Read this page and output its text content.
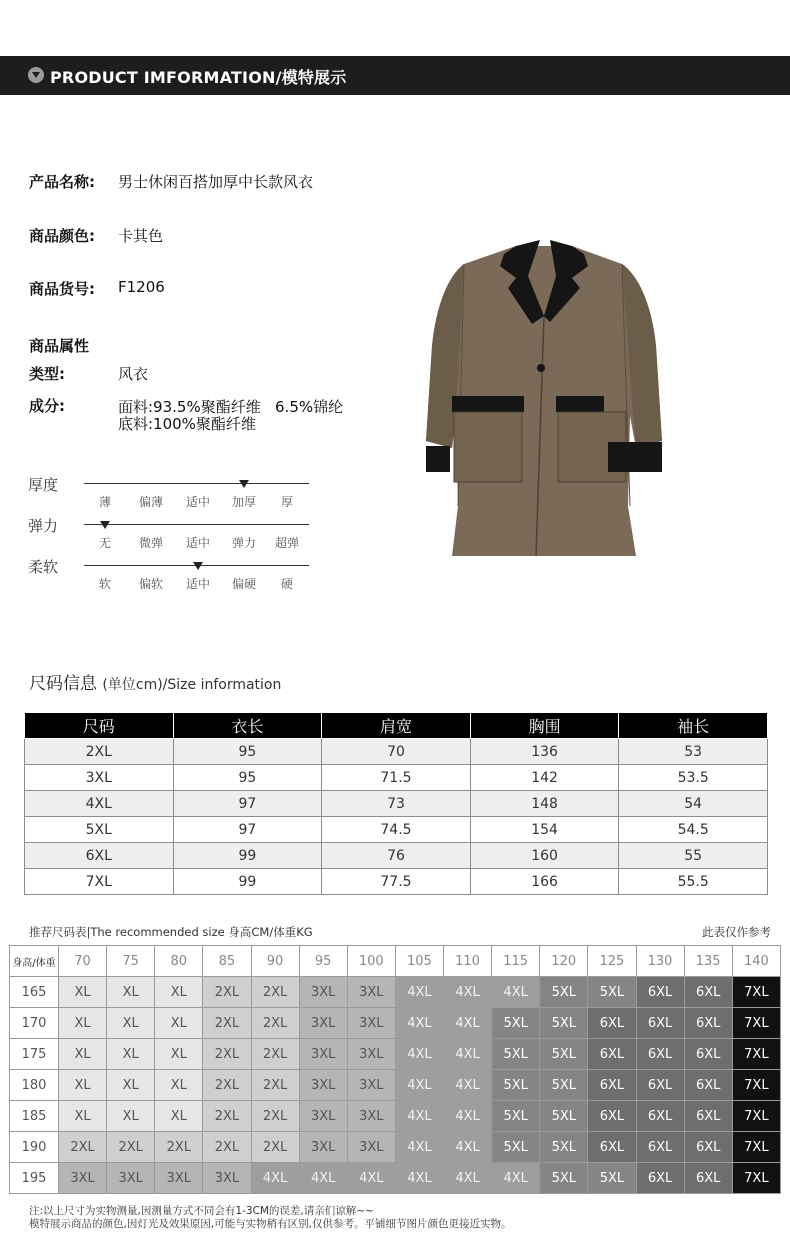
PRODUCT IMFORMATION/模特展示
产品名称: 男士休闲百搭加厚中长款风衣
商品颜色: 卡其色
商品货号: F1206
商品属性
类型:	风衣
成分:	面料:93.5%聚酯纤维   6.5%锦纶
底料:100%聚酯纤维
厚度
薄	偏薄	适中	加厚	厚
弹力
无	微弹	适中	弹力	超弹
柔软
软	偏软	适中	偏硬	硬
尺码信息 (单位cm)/Size information
尺码	衣长	肩宽	胸围	袖长
2XL	95	70	136	53
3XL	95	71.5	142	53.5
4XL	97	73	148	54
5XL	97	74.5	154	54.5
6XL	99	76	160	55
7XL	99	77.5	166	55.5
推荐尺码表|The recommended size 身高CM/体重KG	此表仅作参考
身高/体重	70	75	80	85	90	95	100	105	110	115	120	125	130	135	140
165	XL	XL	XL	2XL	2XL	3XL	3XL	4XL	4XL	4XL	5XL	5XL	6XL	6XL	7XL
170	XL	XL	XL	2XL	2XL	3XL	3XL	4XL	4XL	5XL	5XL	6XL	6XL	6XL	7XL
175	XL	XL	XL	2XL	2XL	3XL	3XL	4XL	4XL	5XL	5XL	6XL	6XL	6XL	7XL
180	XL	XL	XL	2XL	2XL	3XL	3XL	4XL	4XL	5XL	5XL	6XL	6XL	6XL	7XL
185	XL	XL	XL	2XL	2XL	3XL	3XL	4XL	4XL	5XL	5XL	6XL	6XL	6XL	7XL
190	2XL	2XL	2XL	2XL	2XL	3XL	3XL	4XL	4XL	5XL	5XL	6XL	6XL	6XL	7XL
195	3XL	3XL	3XL	3XL	4XL	4XL	4XL	4XL	4XL	4XL	5XL	5XL	6XL	6XL	7XL
注:以上尺寸为实物测量,因测量方式不同会有1-3CM的误差,请亲们谅解~~
模特展示商品的颜色,因灯光及效果原因,可能与实物稍有区别,仅供参考。平铺细节图片颜色更接近实物。
